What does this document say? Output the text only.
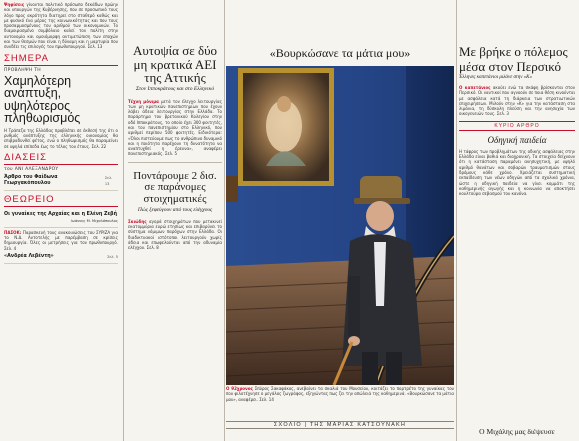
Ψηφίσεις γίνονται πολιτικό πρόσωπο δεκάδων πρώην και υπουργών της Κυβέρνησης, που σε προσωπικό τους λόγο προς ακρότητα διατηρεί στο σταθερό καθώς και με φυσικό ένα μέρος της κοινωνικότητας και που τους προσαρμοσμένους του αριθμού των οικονομικών. Το διαμοιρασμένο συμβόλαιο καλεί τον πολίτη στην αυτονομία και ομοιόμορφη αντιμετώπιση των εποχών και των θεσμών που είναι η δύναμη και η μαρτυρία που συνδέει τις επιλογές του πρωθυπουργού. Σελ. 13
ΣΗΜΕΡΑ
ΠΡΟΒΛΗΨΗ ΤΗ
Χαμηλότερη ανάπτυξη, υψηλότερος πληθωρισμός
Η Τράπεζα της Ελλάδας προβλέπει σε έκθεσή της ότι ο ρυθμός ανάπτυξης της ελληνικής οικονομίας θα επιβραδυνθεί φέτος, ενώ ο πληθωρισμός θα παραμείνει σε υψηλά επίπεδα έως το τέλος του έτους. Σελ. 22
ΔΙΑΣΕΙΣ
του ΑΝΙ ΑΛΕΞΑΝΔΡΟΥ
Άρθρο του Φαίδωνα Γεωργακόπουλου
Σελ. 13
ΘΕΩΡΕΙΟ
Οι γυναίκες της Αρχαίας και η Ελένη Ζεβή
Ιωάννης Μ. Μιχαλόπουλος
ΠΑΣΟΚ: Παρασκευή τους ανακοινώσεις του ΣΥΡΙΖΑ για το Ν.Δ. Αυτοτελής με παρέμβαση σε κρίσεις δημιουργία. Όλες οι μετρήσεις για τον πρωθυπουργό. Σελ. 4
«Ανδρέα Λεβέντη»	Σελ. 5
Αυτοψία σε δύο μη κρατικά ΑΕΙ της Αττικής
Στον Ιπποκράτους και στο Ελληνικό
Τέχνη μόνιμα μετά τον έλεγχο λειτουργίας των μη κρατικών πανεπιστημίων που έχουν λάβει άδεια λειτουργίας στην Ελλάδα. Το παράρτημα του βρετανικού Κολεγίου στην οδό Ιπποκράτους, το οποίο έχει 300 φοιτητές, και του πανεπιστημίου στο Ελληνικό, που αριθμεί περίπου 500 φοιτητές. Ειδικότερα: «Όλοι πιστεύουμε πως το ανθρώπινο δυναμικό και η ποιότητα παρέχουν τη δυνατότητα να αναπτυχθεί η έρευνα», αναφέρει πανεπιστημιακός. Σελ. 5
Ποντάρουμε 2 δισ. σε παράνομες στοιχηματικές
Πώς ξεφεύγουν από τους ελέγχους
Σκιώδης αγορά στοιχημάτων που μετακινεί εκατομμύρια ευρώ ετησίως και επιβαρύνει το σύστημα νόμιμων παρόχων στην Ελλάδα. Οι διαδικτυακοί ιστότοποι λειτουργούν χωρίς άδεια και επωφελούνται από την αδυναμία ελέγχου. Σελ. 8
«Βουρκώσανε τα μάτια μου»
Ο 92χρονος Σπύρος Σακαφάκος, ανεβαίνει τα σκαλιά του Μουσείου, κοιτάζει το πορτρέτο της γυναίκας του που φιλοτέχνησε ο μεγάλος ζωγράφος, εξηγώντας πως ζει την απώλειά της καθημερινά. «Βουρκώσανε τα μάτια μου», αναφέρει. Σελ. 14
ΣΧΟΛΙΟ | ΤΗΣ ΜΑΡΙΑΣ ΚΑΤΣΟΥΝΑΚΗ
Με βρήκε ο πόλεμος μέσα στον Περσικό
Έλληνες καπετάνιοι μιλάνε στην «Κ»
Ο καπετάνιος ακούει ενώ τα σκάφη βρίσκονται στον Περσικό. Οι ναυτικοί που αγνοούν σε ποια θέση κινούνται με ασφάλεια κατά τη διάρκεια των στρατιωτικών επιχειρήσεων. Μιλούν στην «Κ» για την κατάσταση στα λιμάνια, τη δύσκολη πλεύση και την ανησυχία των οικογενειών τους. Σελ. 3
ΚΥΡΙΟ ΑΡΘΡΟ
Οδηγική παιδεία
Η τάφρος των προβλημάτων της οδικής ασφάλειας στην Ελλάδα είναι βαθιά και διαχρονική. Τα στοιχεία δείχνουν ότι η κατάσταση παραμένει ανησυχητική, με υψηλό αριθμό θανάτων και σοβαρών τραυματισμών στους δρόμους κάθε χρόνο. Χρειάζεται συστηματική εκπαίδευση των νέων οδηγών από τα σχολικά χρόνια, ώστε η οδηγική παιδεία να γίνει κομμάτι της καθημερινής αγωγής και η κοινωνία να αποκτήσει κουλτούρα σεβασμού του κανόνα.
Ο Μιχάλης μας διέψευσε
